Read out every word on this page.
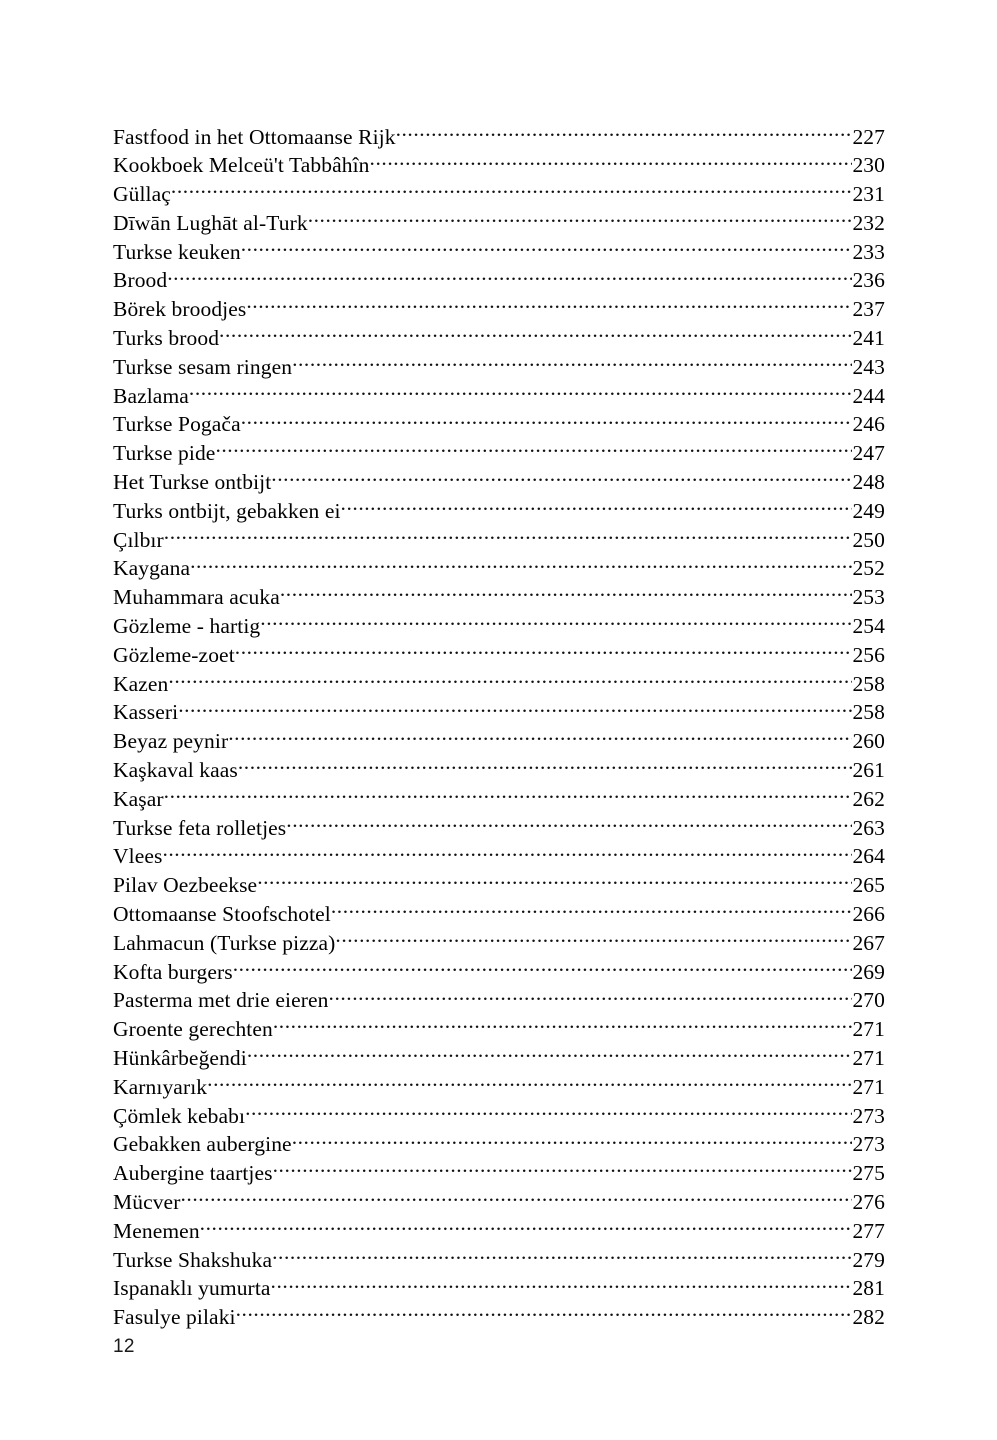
Fastfood in het Ottomaanse Rijk .....	227
Kookboek Melceü't Tabbâhîn .....	230
Güllaç .....	231
Dīwān Lughāt al-Turk .....	232
Turkse keuken .....	233
Brood .....	236
Börek broodjes .....	237
Turks brood .....	241
Turkse sesam ringen .....	243
Bazlama .....	244
Turkse Pogača .....	246
Turkse pide .....	247
Het Turkse ontbijt .....	248
Turks ontbijt, gebakken ei .....	249
Çılbır .....	250
Kaygana .....	252
Muhammara acuka .....	253
Gözleme - hartig .....	254
Gözleme-zoet .....	256
Kazen .....	258
Kasseri .....	258
Beyaz peynir .....	260
Kaşkaval kaas .....	261
Kaşar .....	262
Turkse feta rolletjes .....	263
Vlees .....	264
Pilav Oezbeekse .....	265
Ottomaanse Stoofschotel .....	266
Lahmacun (Turkse pizza) .....	267
Kofta burgers .....	269
Pasterma met drie eieren .....	270
Groente gerechten .....	271
Hünkârbeğendi .....	271
Karnıyarık .....	271
Çömlek kebabı .....	273
Gebakken aubergine .....	273
Aubergine taartjes .....	275
Mücver .....	276
Menemen .....	277
Turkse Shakshuka .....	279
Ispanaklı yumurta .....	281
Fasulye pilaki .....	282
12
